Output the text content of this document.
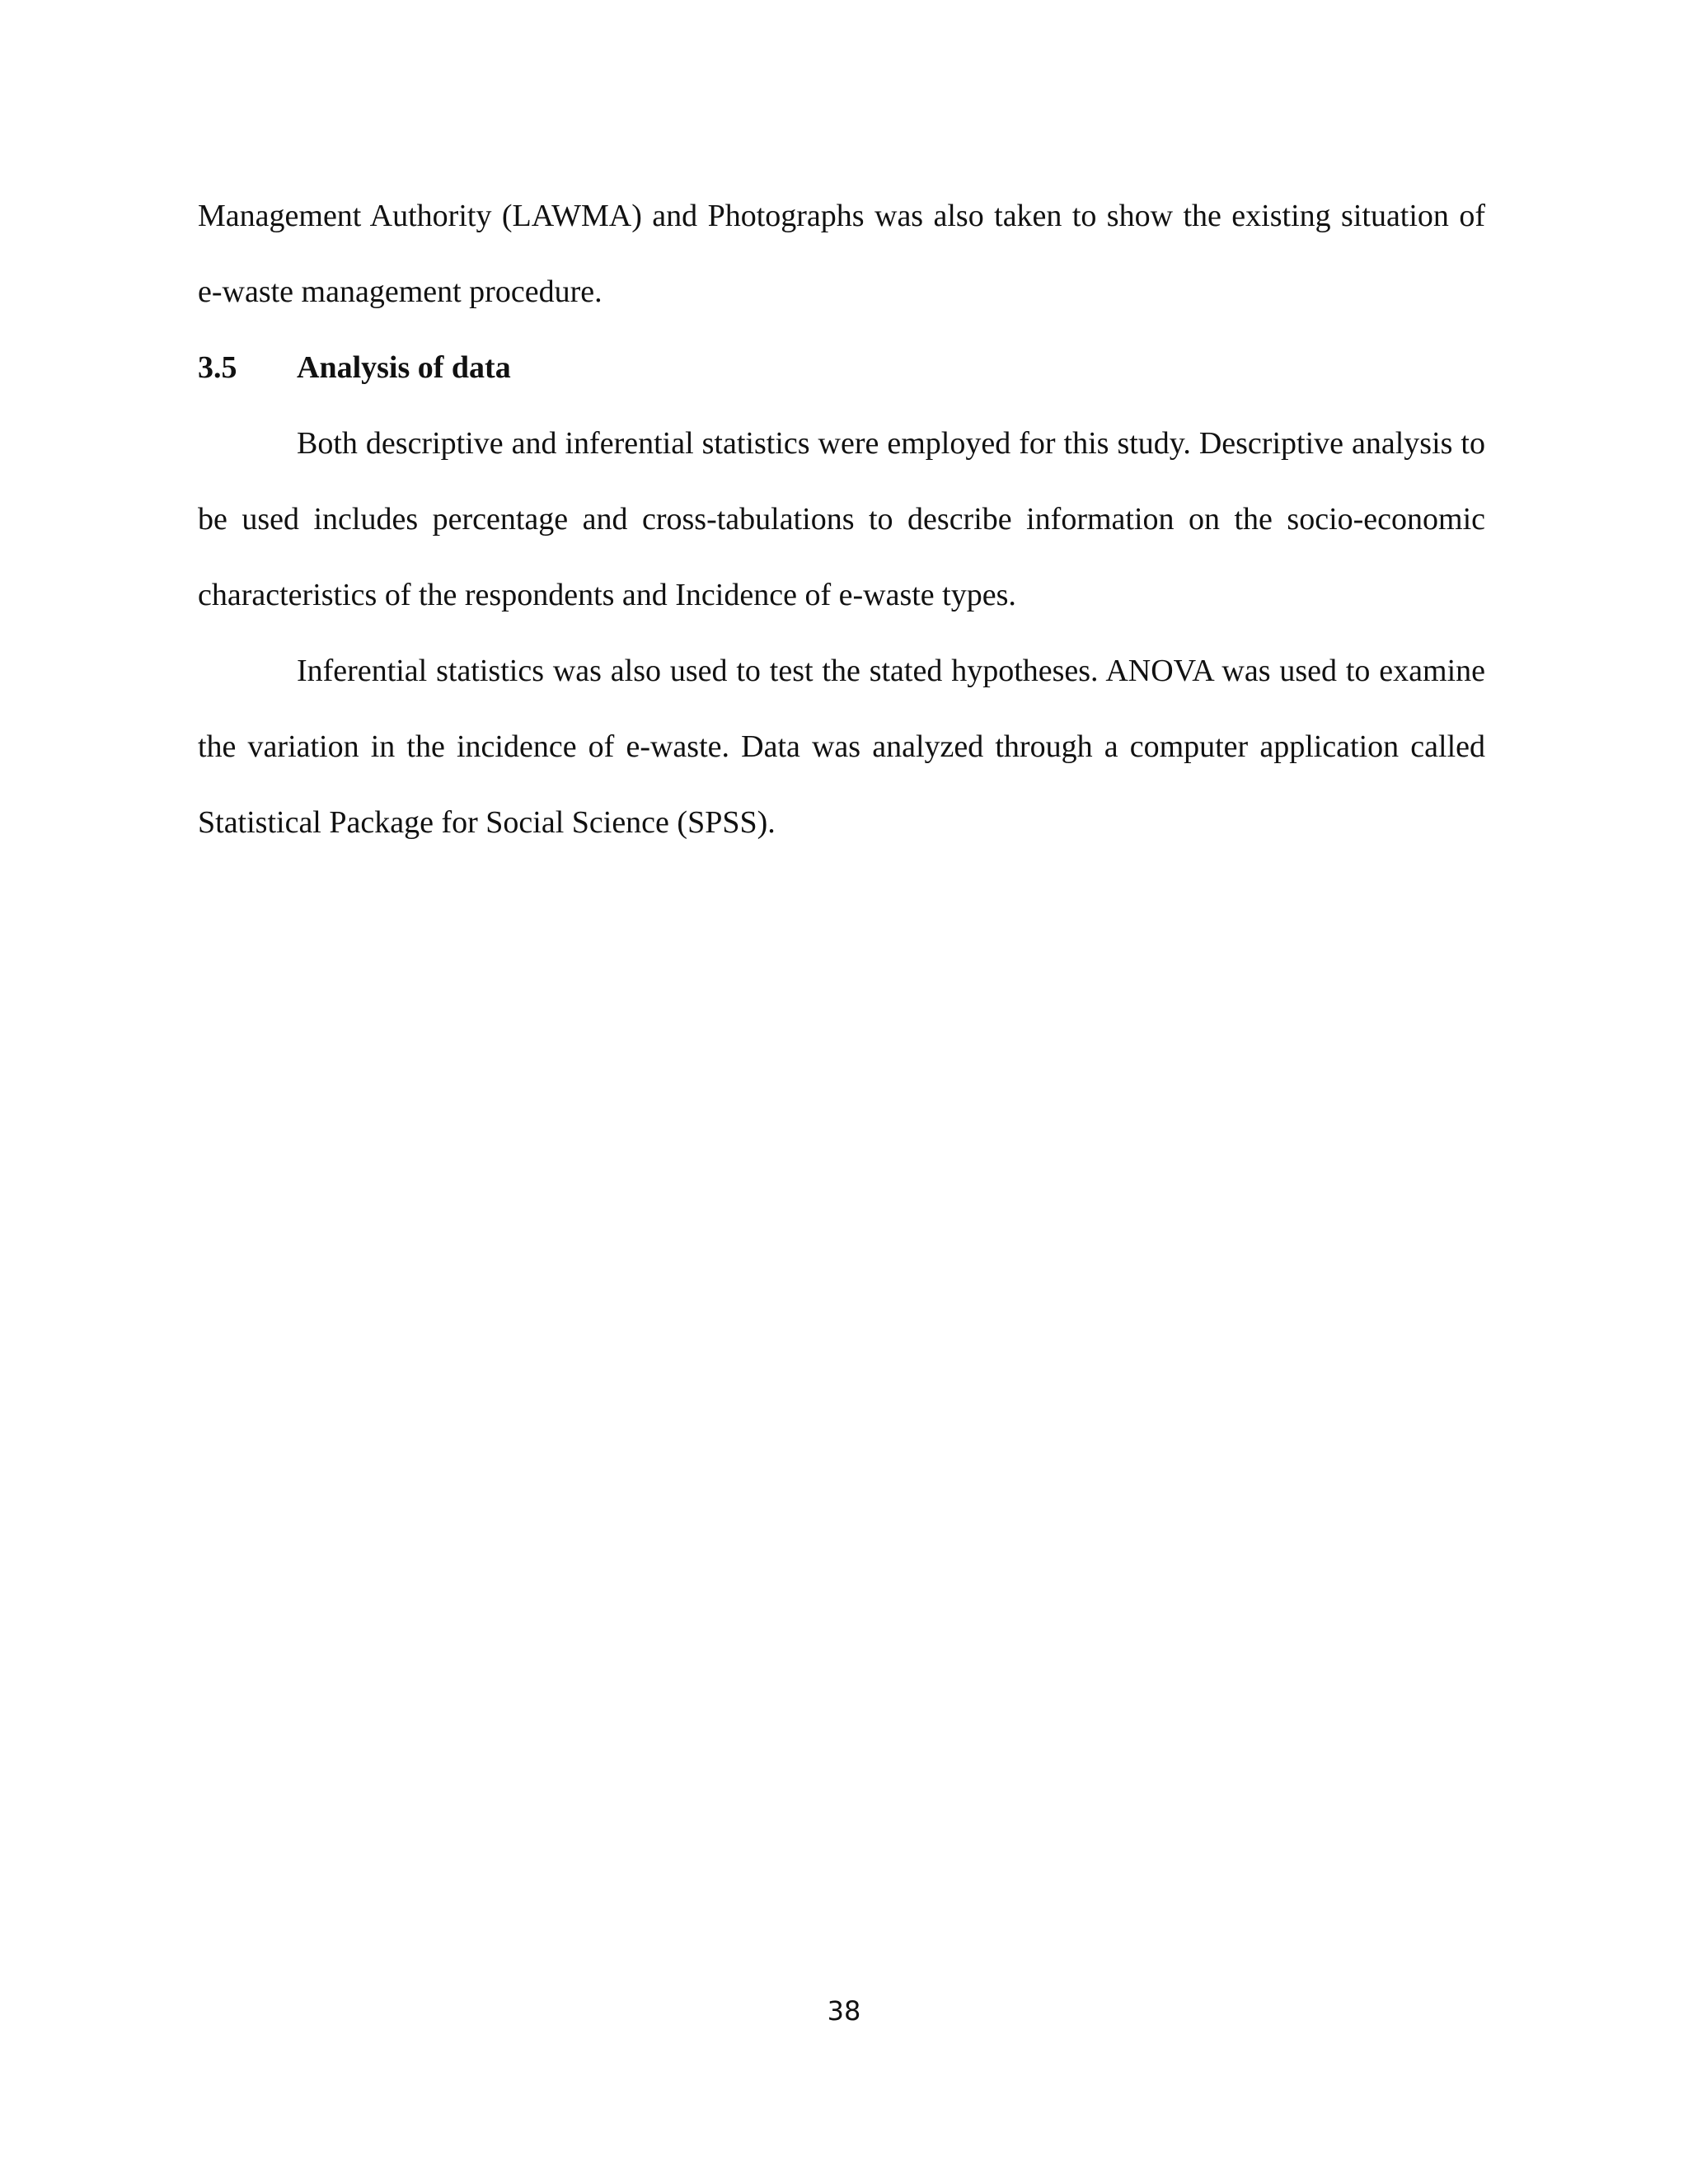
Management Authority (LAWMA) and Photographs was also taken to show the existing situation of e-waste management procedure.

3.5 Analysis of data

Both descriptive and inferential statistics were employed for this study. Descriptive analysis to be used includes percentage and cross-tabulations to describe information on the socio-economic characteristics of the respondents and Incidence of e-waste types.

Inferential statistics was also used to test the stated hypotheses. ANOVA was used to examine the variation in the incidence of e-waste. Data was analyzed through a computer application called Statistical Package for Social Science (SPSS).

38
